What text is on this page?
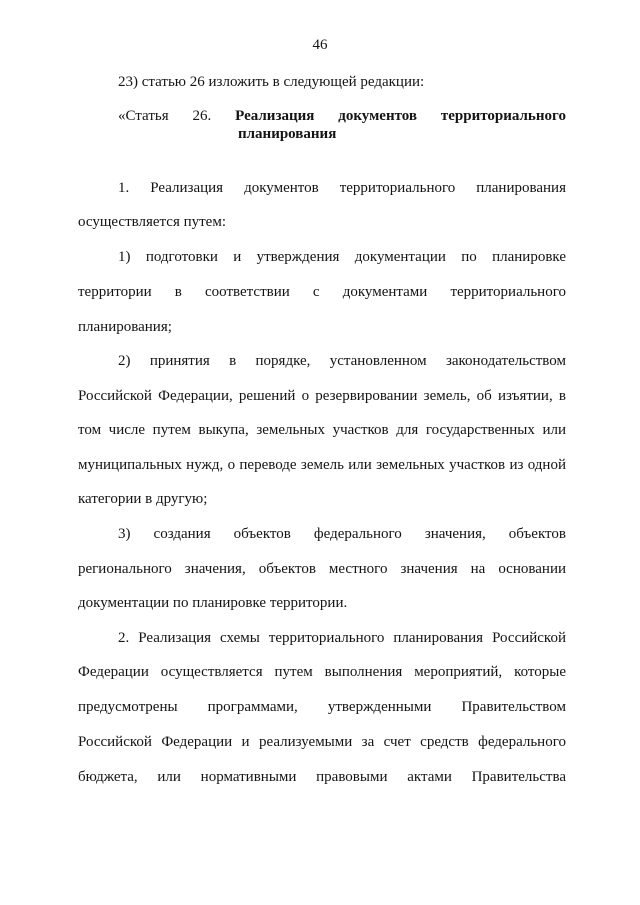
46
23) статью 26 изложить в следующей редакции:
«Статья 26. Реализация документов территориального
планирования
1. Реализация документов территориального планирования
осуществляется путем:
1) подготовки и утверждения документации по планировке
территории в соответствии с документами территориального
планирования;
2) принятия в порядке, установленном законодательством
Российской Федерации, решений о резервировании земель, об изъятии, в
том числе путем выкупа, земельных участков для государственных или
муниципальных нужд, о переводе земель или земельных участков из одной
категории в другую;
3) создания объектов федерального значения, объектов
регионального значения, объектов местного значения на основании
документации по планировке территории.
2. Реализация схемы территориального планирования Российской
Федерации осуществляется путем выполнения мероприятий, которые
предусмотрены программами, утвержденными Правительством
Российской Федерации и реализуемыми за счет средств федерального
бюджета, или нормативными правовыми актами Правительства
